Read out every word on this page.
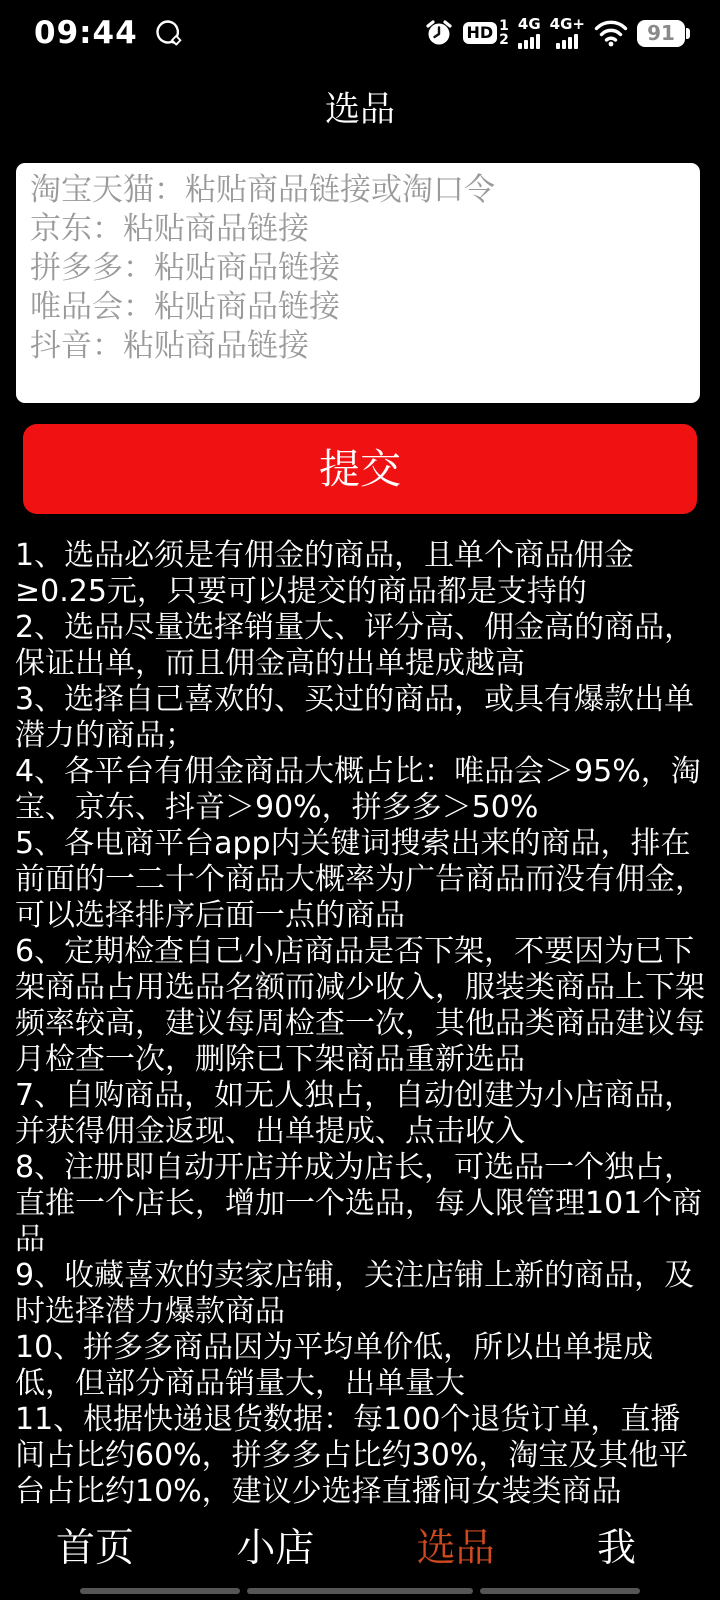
09:44	HD 1
2
4G 4G+	91
选品
淘宝天猫：粘贴商品链接或淘口令 京东：粘贴商品链接 拼多多：粘贴商品链接 唯品会：粘贴商品链接 抖音：粘贴商品链接
提交

1、选品必须是有佣金的商品，且单个商品佣金≥0.25元，只要可以提交的商品都是支持的

2、选品尽量选择销量大、评分高、佣金高的商品，保证出单，而且佣金高的出单提成越高

3、选择自己喜欢的、买过的商品，或具有爆款出单潜力的商品；

4、各平台有佣金商品大概占比：唯品会＞95%，淘宝、京东、抖音＞90%，拼多多＞50%

5、各电商平台app内关键词搜索出来的商品，排在前面的一二十个商品大概率为广告商品而没有佣金，可以选择排序后面一点的商品

6、定期检查自己小店商品是否下架，不要因为已下架商品占用选品名额而减少收入，服装类商品上下架频率较高，建议每周检查一次，其他品类商品建议每月检查一次，删除已下架商品重新选品

7、自购商品，如无人独占，自动创建为小店商品，并获得佣金返现、出单提成、点击收入

8、注册即自动开店并成为店长，可选品一个独占，直推一个店长，增加一个选品，每人限管理101个商品

9、收藏喜欢的卖家店铺，关注店铺上新的商品，及时选择潜力爆款商品

10、拼多多商品因为平均单价低，所以出单提成低，但部分商品销量大，出单量大

11、根据快递退货数据：每100个退货订单，直播间占比约60%，拼多多占比约30%，淘宝及其他平台占比约10%，建议少选择直播间女装类商品

首页	小店	选品	我
